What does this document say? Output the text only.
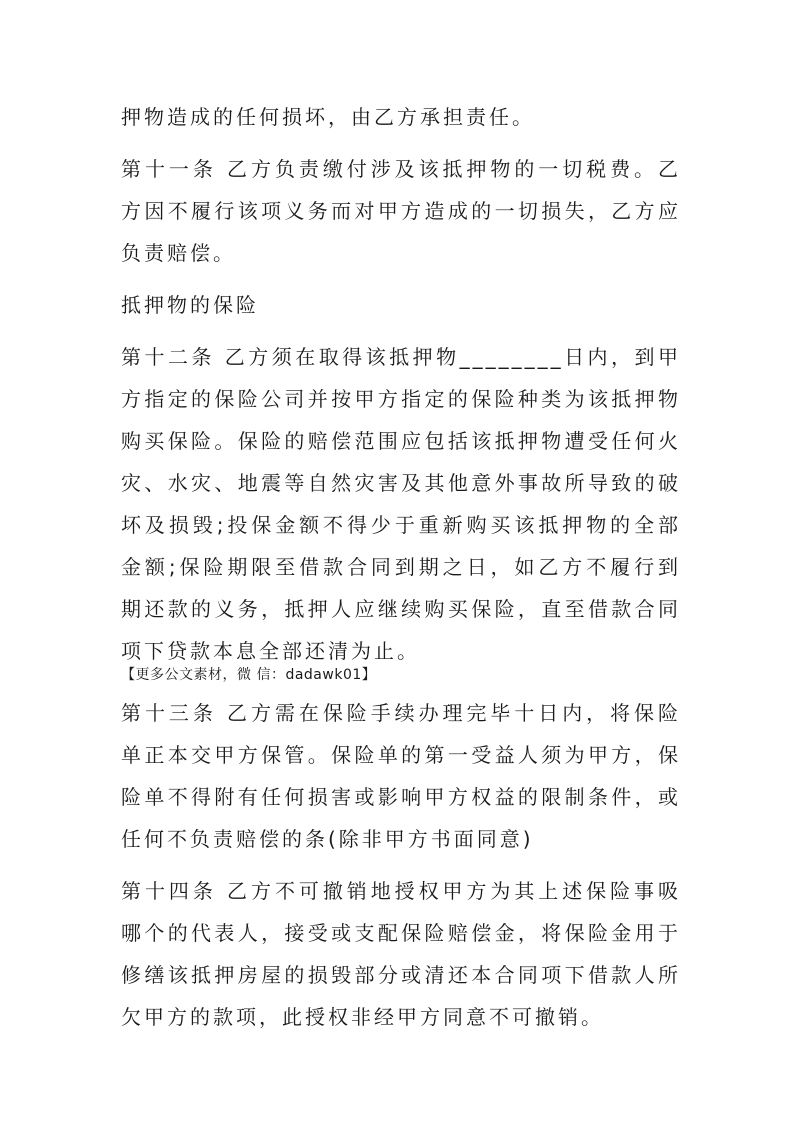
押物造成的任何损坏，由乙方承担责任。

第十一条 乙方负责缴付涉及该抵押物的一切税费。乙方因不履行该项义务而对甲方造成的一切损失，乙方应负责赔偿。

抵押物的保险

第十二条 乙方须在取得该抵押物________日内，到甲方指定的保险公司并按甲方指定的保险种类为该抵押物购买保险。保险的赔偿范围应包括该抵押物遭受任何火灾、水灾、地震等自然灾害及其他意外事故所导致的破坏及损毁;投保金额不得少于重新购买该抵押物的全部金额;保险期限至借款合同到期之日，如乙方不履行到期还款的义务，抵押人应继续购买保险，直至借款合同项下贷款本息全部还清为止。

【更多公文素材，微 信：dadawk01】

第十三条 乙方需在保险手续办理完毕十日内，将保险单正本交甲方保管。保险单的第一受益人须为甲方，保险单不得附有任何损害或影响甲方权益的限制条件，或任何不负责赔偿的条(除非甲方书面同意)

第十四条 乙方不可撤销地授权甲方为其上述保险事吸哪个的代表人，接受或支配保险赔偿金，将保险金用于修缮该抵押房屋的损毁部分或清还本合同项下借款人所欠甲方的款项，此授权非经甲方同意不可撤销。
